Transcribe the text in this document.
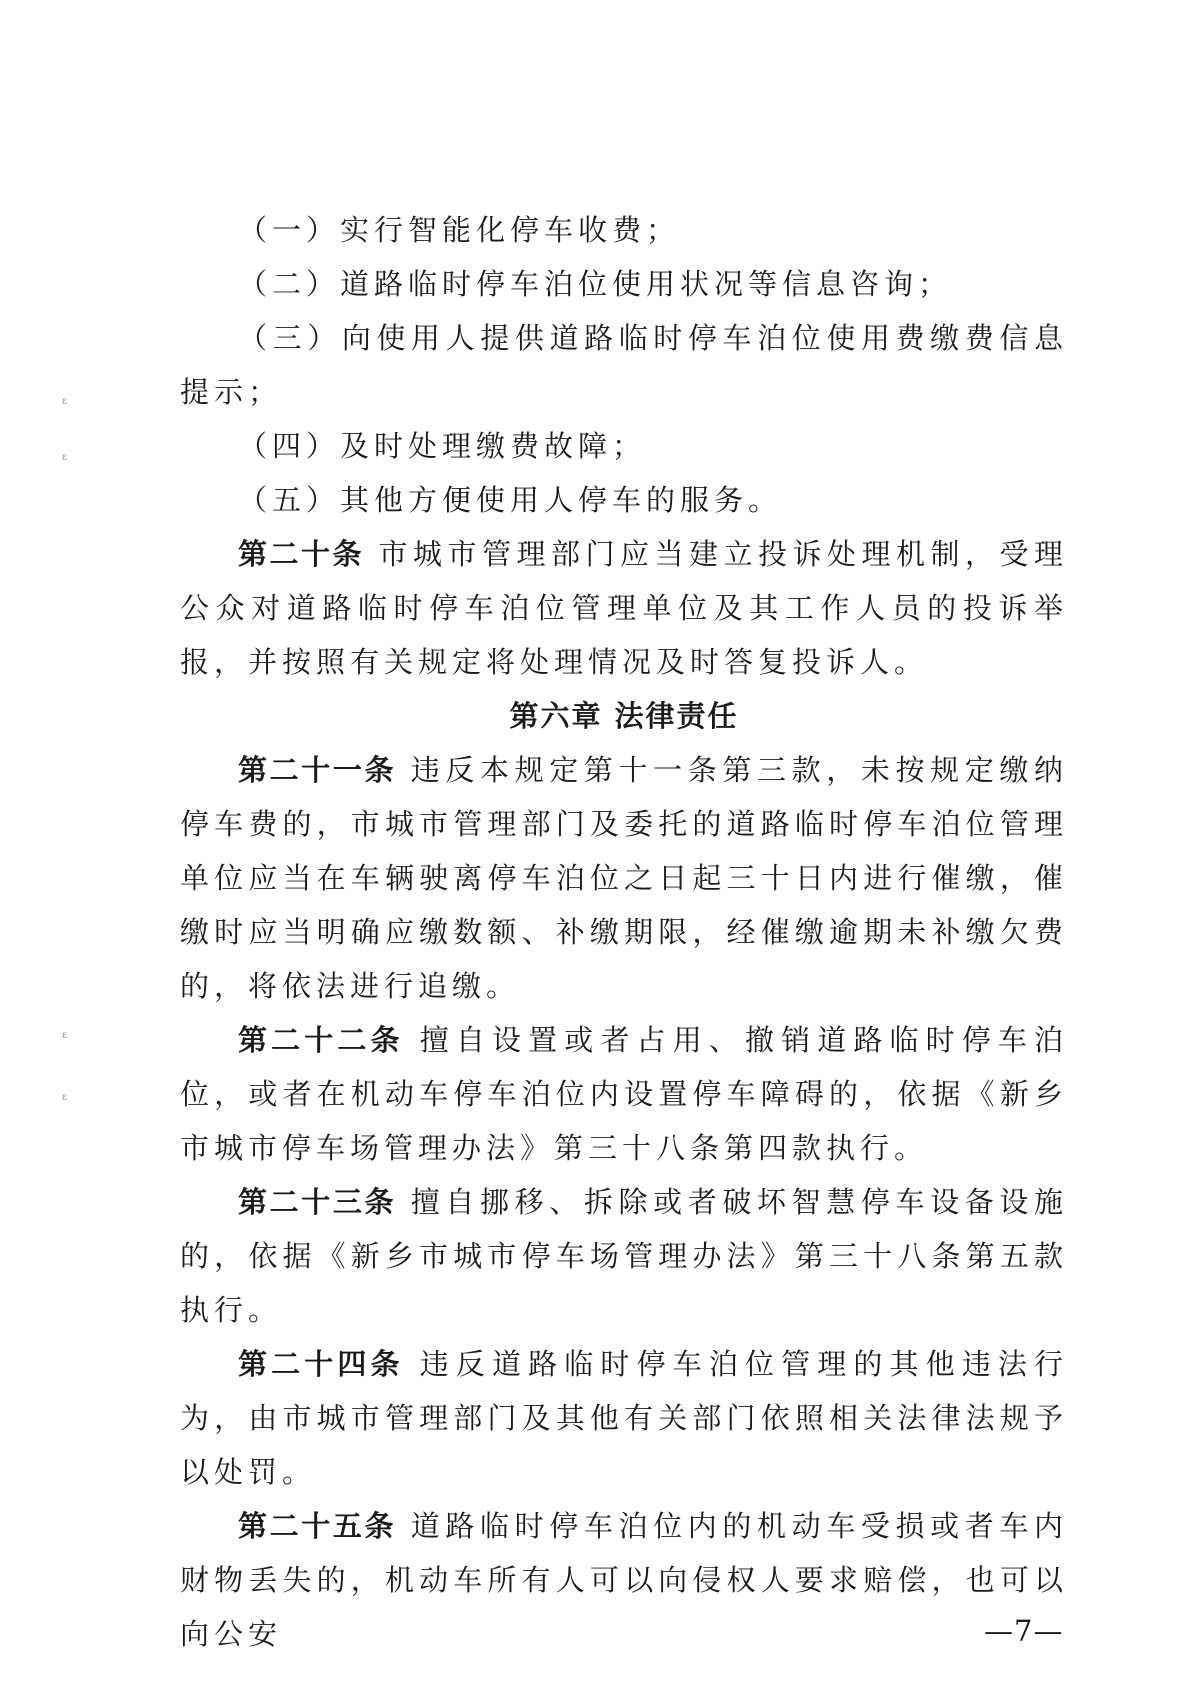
ε
ε
ε
ε

（一）实行智能化停车收费；

（二）道路临时停车泊位使用状况等信息咨询；

（三）向使用人提供道路临时停车泊位使用费缴费信息提示；

（四）及时处理缴费故障；

（五）其他方便使用人停车的服务。

第二十条 市城市管理部门应当建立投诉处理机制，受理公众对道路临时停车泊位管理单位及其工作人员的投诉举报，并按照有关规定将处理情况及时答复投诉人。

第六章 法律责任

第二十一条 违反本规定第十一条第三款，未按规定缴纳停车费的，市城市管理部门及委托的道路临时停车泊位管理单位应当在车辆驶离停车泊位之日起三十日内进行催缴，催缴时应当明确应缴数额、补缴期限，经催缴逾期未补缴欠费的，将依法进行追缴。

第二十二条 擅自设置或者占用、撤销道路临时停车泊位，或者在机动车停车泊位内设置停车障碍的，依据《新乡市城市停车场管理办法》第三十八条第四款执行。

第二十三条 擅自挪移、拆除或者破坏智慧停车设备设施的，依据《新乡市城市停车场管理办法》第三十八条第五款执行。

第二十四条 违反道路临时停车泊位管理的其他违法行为，由市城市管理部门及其他有关部门依照相关法律法规予以处罚。

第二十五条 道路临时停车泊位内的机动车受损或者车内财物丢失的，机动车所有人可以向侵权人要求赔偿，也可以向公安	—7—
